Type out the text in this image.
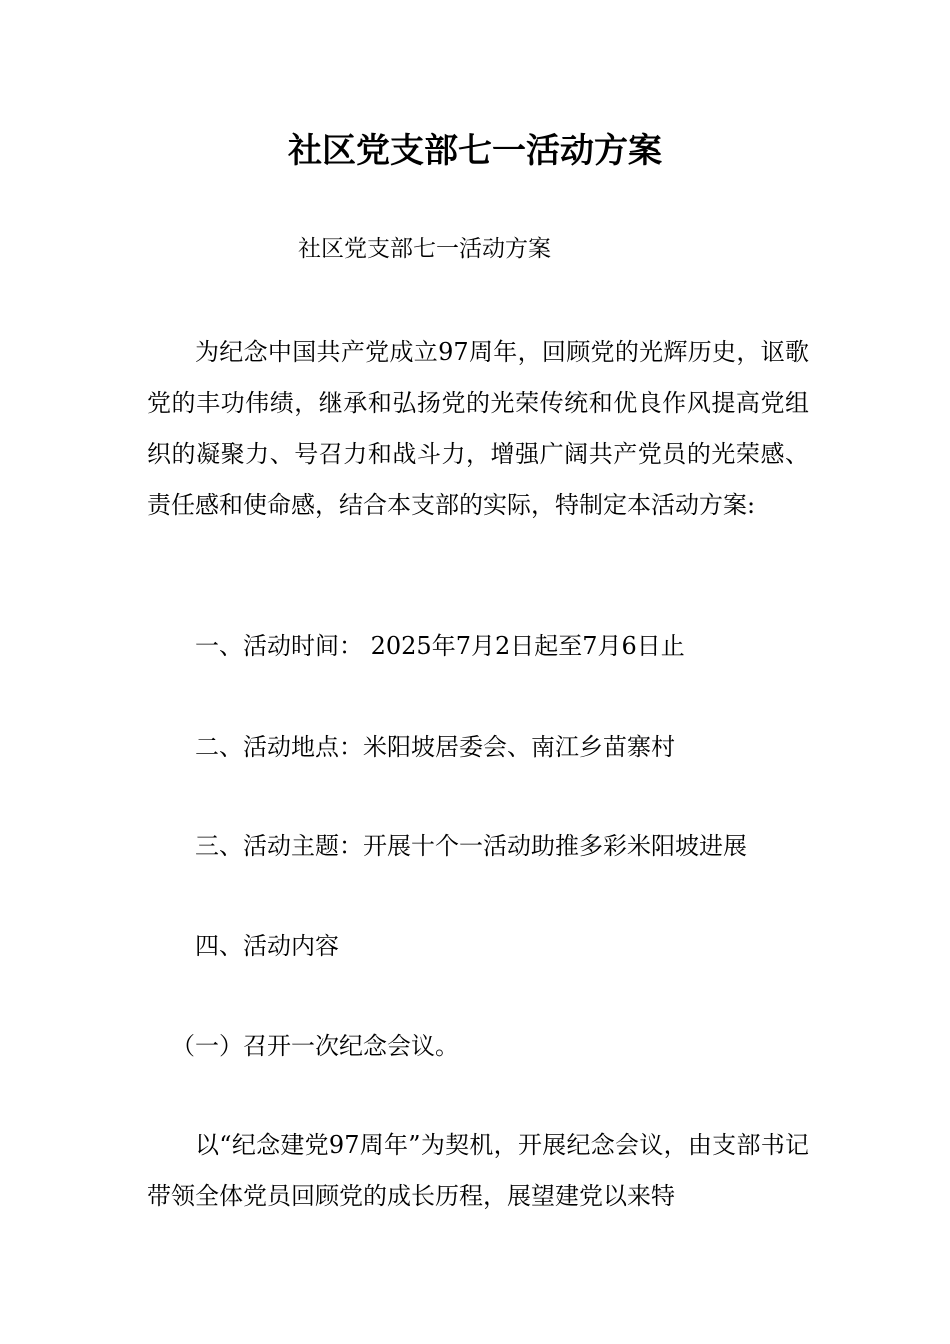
社区党支部七一活动方案

社区党支部七一活动方案

为纪念中国共产党成立97周年，回顾党的光辉历史，讴歌党的丰功伟绩，继承和弘扬党的光荣传统和优良作风提高党组织的凝聚力、号召力和战斗力，增强广阔共产党员的光荣感、责任感和使命感，结合本支部的实际，特制定本活动方案:

一、活动时间： 2025年7月2日起至7月6日止

二、活动地点：米阳坡居委会、南江乡苗寨村

三、活动主题：开展十个一活动助推多彩米阳坡进展

四、活动内容

（一）召开一次纪念会议。

以“纪念建党97周年”为契机，开展纪念会议，由支部书记带领全体党员回顾党的成长历程，展望建党以来特
